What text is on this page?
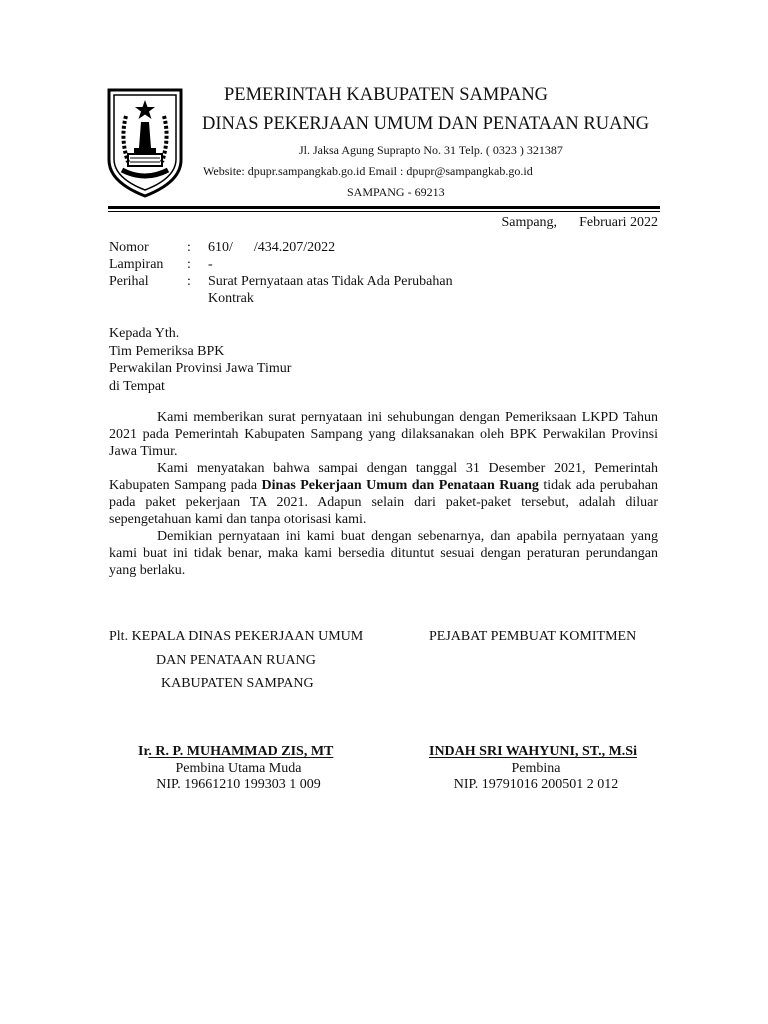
PEMERINTAH KABUPATEN SAMPANG
DINAS PEKERJAAN UMUM DAN PENATAAN RUANG
Jl. Jaksa Agung Suprapto No. 31 Telp. ( 0323 ) 321387
Website: dpupr.sampangkab.go.id Email : dpupr@sampangkab.go.id
SAMPANG - 69213
Sampang, Februari 2022
Nomor	:	610/      /434.207/2022
Lampiran	:	-
Perihal	:	Surat Pernyataan atas Tidak Ada Perubahan Kontrak
Kepada Yth.
Tim Pemeriksa BPK
Perwakilan Provinsi Jawa Timur
di Tempat

Kami memberikan surat pernyataan ini sehubungan dengan Pemeriksaan LKPD Tahun 2021 pada Pemerintah Kabupaten Sampang yang dilaksanakan oleh BPK Perwakilan Provinsi Jawa Timur.

Kami menyatakan bahwa sampai dengan tanggal 31 Desember 2021, Pemerintah Kabupaten Sampang pada Dinas Pekerjaan Umum dan Penataan Ruang tidak ada perubahan pada paket pekerjaan TA 2021. Adapun selain dari paket-paket tersebut, adalah diluar sepengetahuan kami dan tanpa otorisasi kami.

Demikian pernyataan ini kami buat dengan sebenarnya, dan apabila pernyataan yang kami buat ini tidak benar, maka kami bersedia dituntut sesuai dengan peraturan perundangan yang berlaku.

Plt. KEPALA DINAS PEKERJAAN UMUM
DAN PENATAAN RUANG
KABUPATEN SAMPANG
PEJABAT PEMBUAT KOMITMEN
Ir. R. P. MUHAMMAD ZIS, MT
Pembina Utama Muda
NIP. 19661210 199303 1 009
INDAH SRI WAHYUNI, ST., M.Si
Pembina
NIP. 19791016 200501 2 012
